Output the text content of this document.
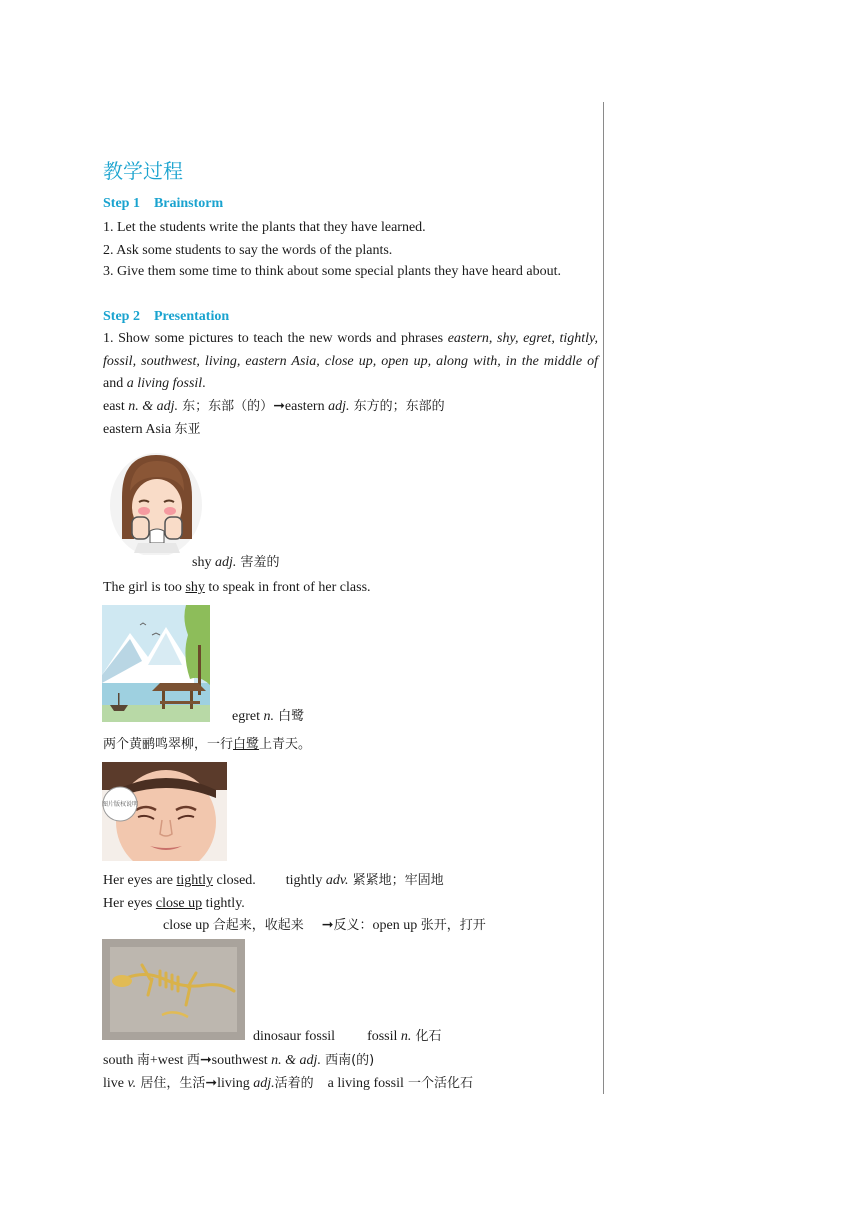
教学过程
Step 1    Brainstorm
1. Let the students write the plants that they have learned.
2. Ask some students to say the words of the plants.
3. Give them some time to think about some special plants they have heard about.
Step 2    Presentation
1. Show some pictures to teach the new words and phrases eastern, shy, egret, tightly, fossil, southwest, living, eastern Asia, close up, open up, along with, in the middle of and a living fossil.
east n. & adj. 东；东部（的）➞eastern adj. 东方的；东部的
eastern Asia 东亚
shy adj. 害羞的
The girl is too shy to speak in front of her class.
egret n. 白鹭
两个黄鹂鸣翠柳，一行白鹭上青天。
图片版权说明
Her eyes are tightly closed. tightly adv. 紧紧地；牢固地
Her eyes close up tightly.
close up 合起来，收起来 ➞反义：open up 张开，打开
dinosaur fossil fossil n. 化石
south 南+west 西➞southwest n. & adj. 西南(的)
live v. 居住，生活➞living adj.活着的 a living fossil 一个活化石
